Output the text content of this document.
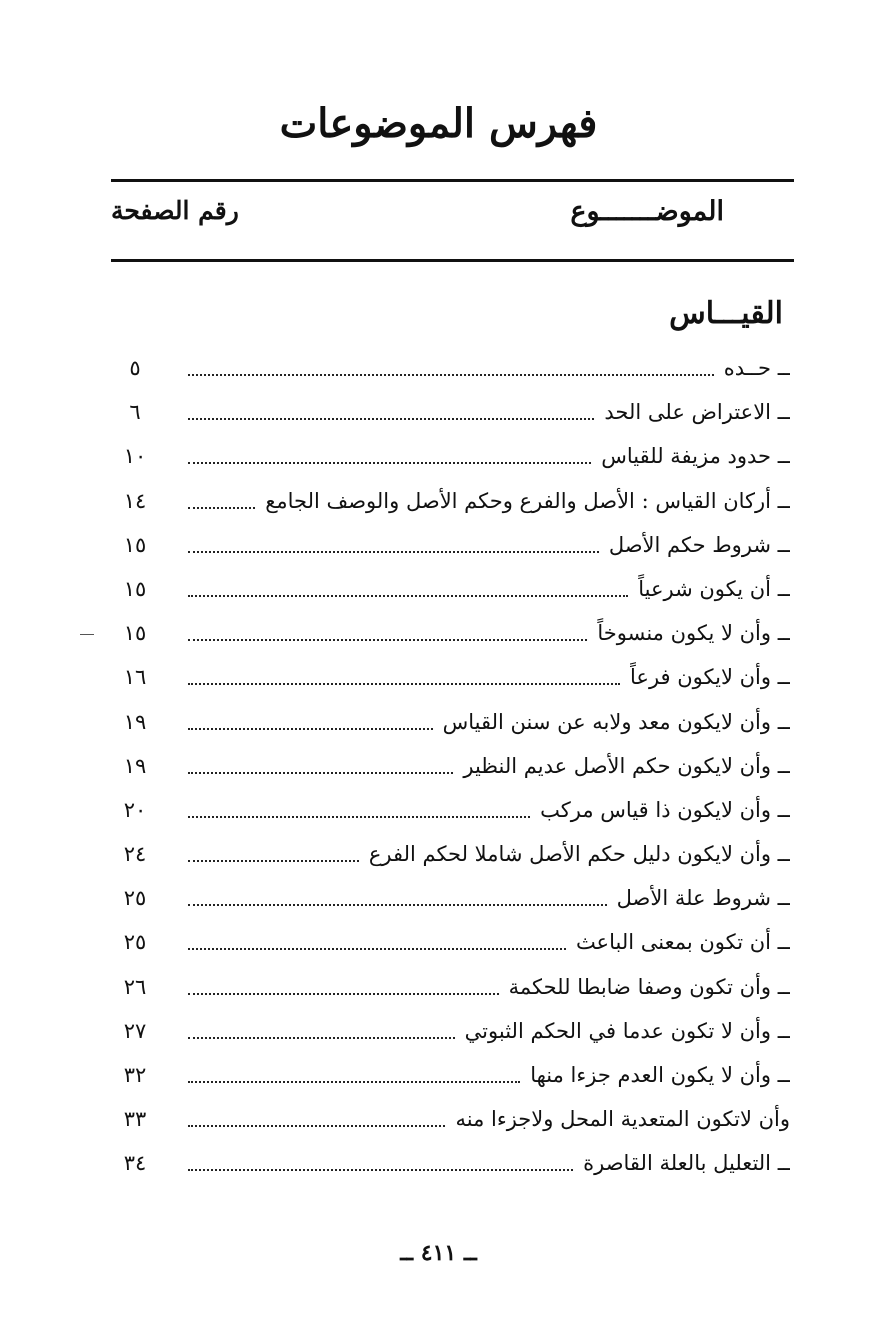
فهرس الموضوعات
الموضـــــــوع
رقم الصفحة
القيـــاس
ــ حــده
٥
ــ الاعتراض على الحد
٦
ــ حدود مزيفة للقياس
١٠
ــ أركان القياس : الأصل والفرع وحكم الأصل والوصف الجامع
١٤
ــ شروط حكم الأصل
١٥
ــ أن يكون شرعياً
١٥
ــ وأن لا يكون منسوخاً
١٥
ــ وأن لايكون فرعاً
١٦
ــ وأن لايكون معد ولابه عن سنن القياس
١٩
ــ وأن لايكون حكم الأصل عديم النظير
١٩
ــ وأن لايكون ذا قياس مركب
٢٠
ــ وأن لايكون دليل حكم الأصل شاملا لحكم الفرع
٢٤
ــ شروط علة الأصل
٢٥
ــ أن تكون بمعنى الباعث
٢٥
ــ وأن تكون وصفا ضابطا للحكمة
٢٦
ــ وأن لا تكون عدما في الحكم الثبوتي
٢٧
ــ وأن لا يكون العدم جزءا منها
٣٢
وأن لاتكون المتعدية المحل ولاجزءا منه
٣٣
ــ التعليل بالعلة القاصرة
٣٤
ــ ٤١١ ــ
